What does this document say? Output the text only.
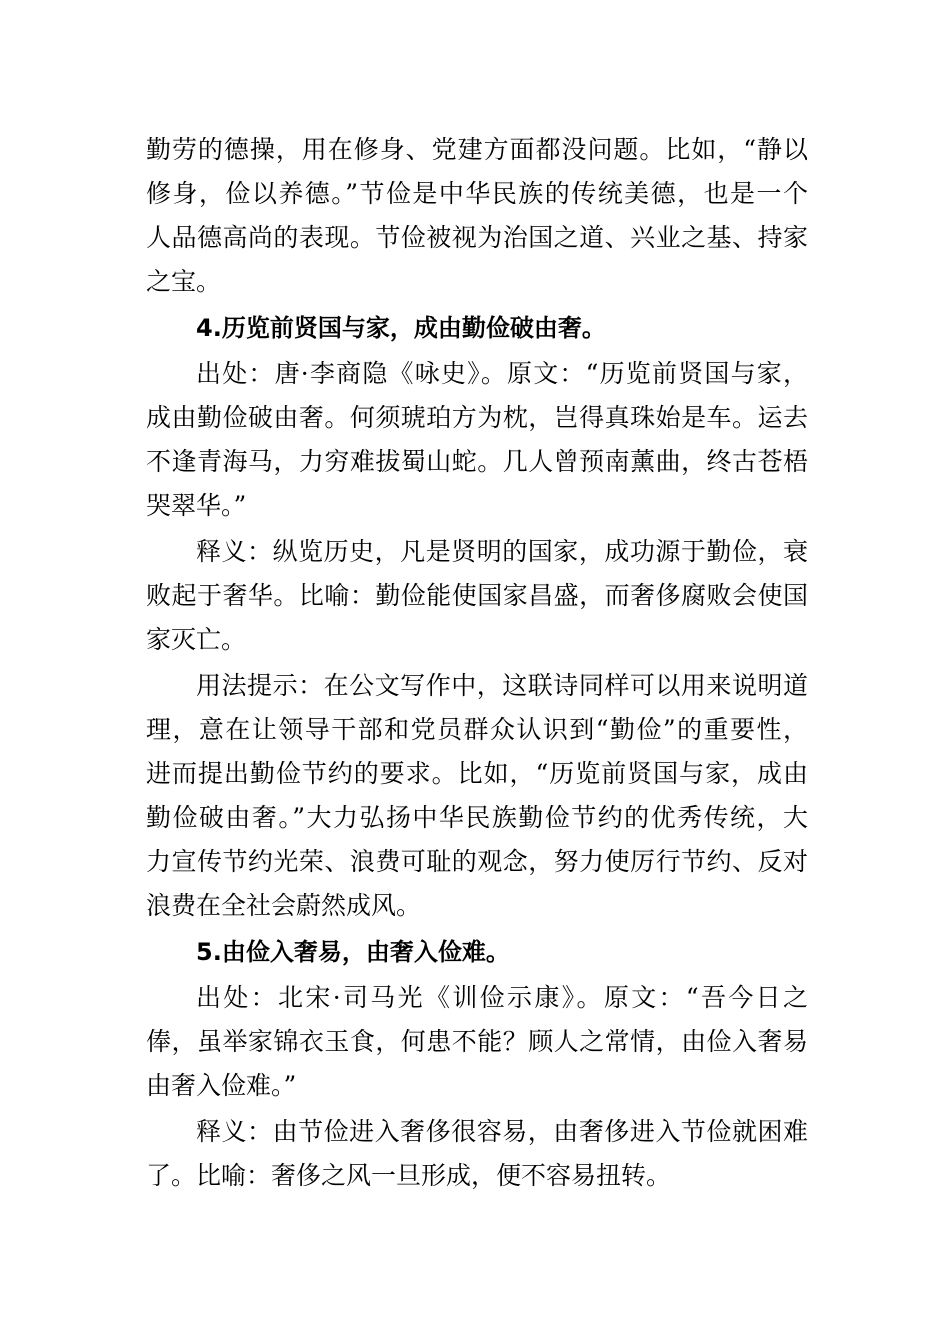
勤劳的德操，用在修身、党建方面都没问题。比如，“静以
修身，俭以养德。”节俭是中华民族的传统美德，也是一个
人品德高尚的表现。节俭被视为治国之道、兴业之基、持家
之宝。
4.历览前贤国与家，成由勤俭破由奢。
出处：唐·李商隐《咏史》。原文：“历览前贤国与家，
成由勤俭破由奢。何须琥珀方为枕，岂得真珠始是车。运去
不逢青海马，力穷难拔蜀山蛇。几人曾预南薰曲，终古苍梧
哭翠华。”
释义：纵览历史，凡是贤明的国家，成功源于勤俭，衰
败起于奢华。比喻：勤俭能使国家昌盛，而奢侈腐败会使国
家灭亡。
用法提示：在公文写作中，这联诗同样可以用来说明道
理，意在让领导干部和党员群众认识到“勤俭”的重要性，
进而提出勤俭节约的要求。比如，“历览前贤国与家，成由
勤俭破由奢。”大力弘扬中华民族勤俭节约的优秀传统，大
力宣传节约光荣、浪费可耻的观念，努力使厉行节约、反对
浪费在全社会蔚然成风。
5.由俭入奢易，由奢入俭难。
出处：北宋·司马光《训俭示康》。原文：“吾今日之
俸，虽举家锦衣玉食，何患不能？顾人之常情，由俭入奢易
由奢入俭难。”
释义：由节俭进入奢侈很容易，由奢侈进入节俭就困难
了。比喻：奢侈之风一旦形成，便不容易扭转。
